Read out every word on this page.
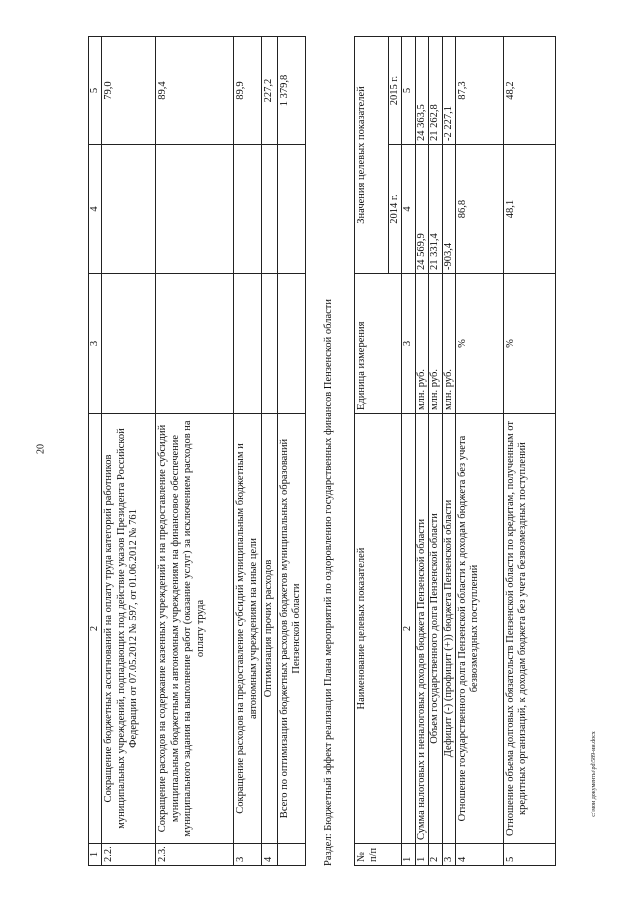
20
c:\мои документы\pd\589-ии.docx
1	2	3	4	5
2.2.	Сокращение бюджетных ассигнований на оплату труда категорий работников муниципальных учреждений, подпадающих под действие указов Президента Российской Федерации от 07.05.2012 № 597, от 01.06.2012 № 761			79,0
2.3.	Сокращение расходов на содержание казенных учреждений и на предоставление субсидий муниципальным бюджетным и автономным учреждениям на финансовое обеспечение муниципального задания на выполнение работ (оказание услуг) за исключением расходов на оплату труда			89,4
3	Сокращение расходов на предоставление субсидий муниципальным бюджетным и автономным учреждениям на иные цели			89,9
4	Оптимизация прочих расходов			227,2
	Всего по оптимизации бюджетных расходов бюджетов муниципальных образований Пензенской области			1 379,8
Раздел: Бюджетный эффект реализации Плана мероприятий по оздоровлению государственных финансов Пензенской области № п/п	Наименование целевых показателей	Единица измерения	Значения целевых показателей	
			2014 г.	2015 г.
1	2	3	4	5
1	Сумма налоговых и неналоговых доходов бюджета Пензенской области	млн. руб.	24 569,9	24 363,5
2	Объем государственного долга Пензенской области	млн. руб.	21 331,4	21 262,8
3	Дефицит (-) (профицит (+)) бюджета Пензенской области	млн. руб.	-903,4	-2 227,1
4	Отношение государственного долга Пензенской области к доходам бюджета без учета безвозмездных поступлений	%	86,8	87,3
5	Отношение объема долговых обязательств Пензенской области по кредитам, полученным от кредитных организаций, к доходам бюджета без учета безвозмездных поступлений	%	48,1	48,2
